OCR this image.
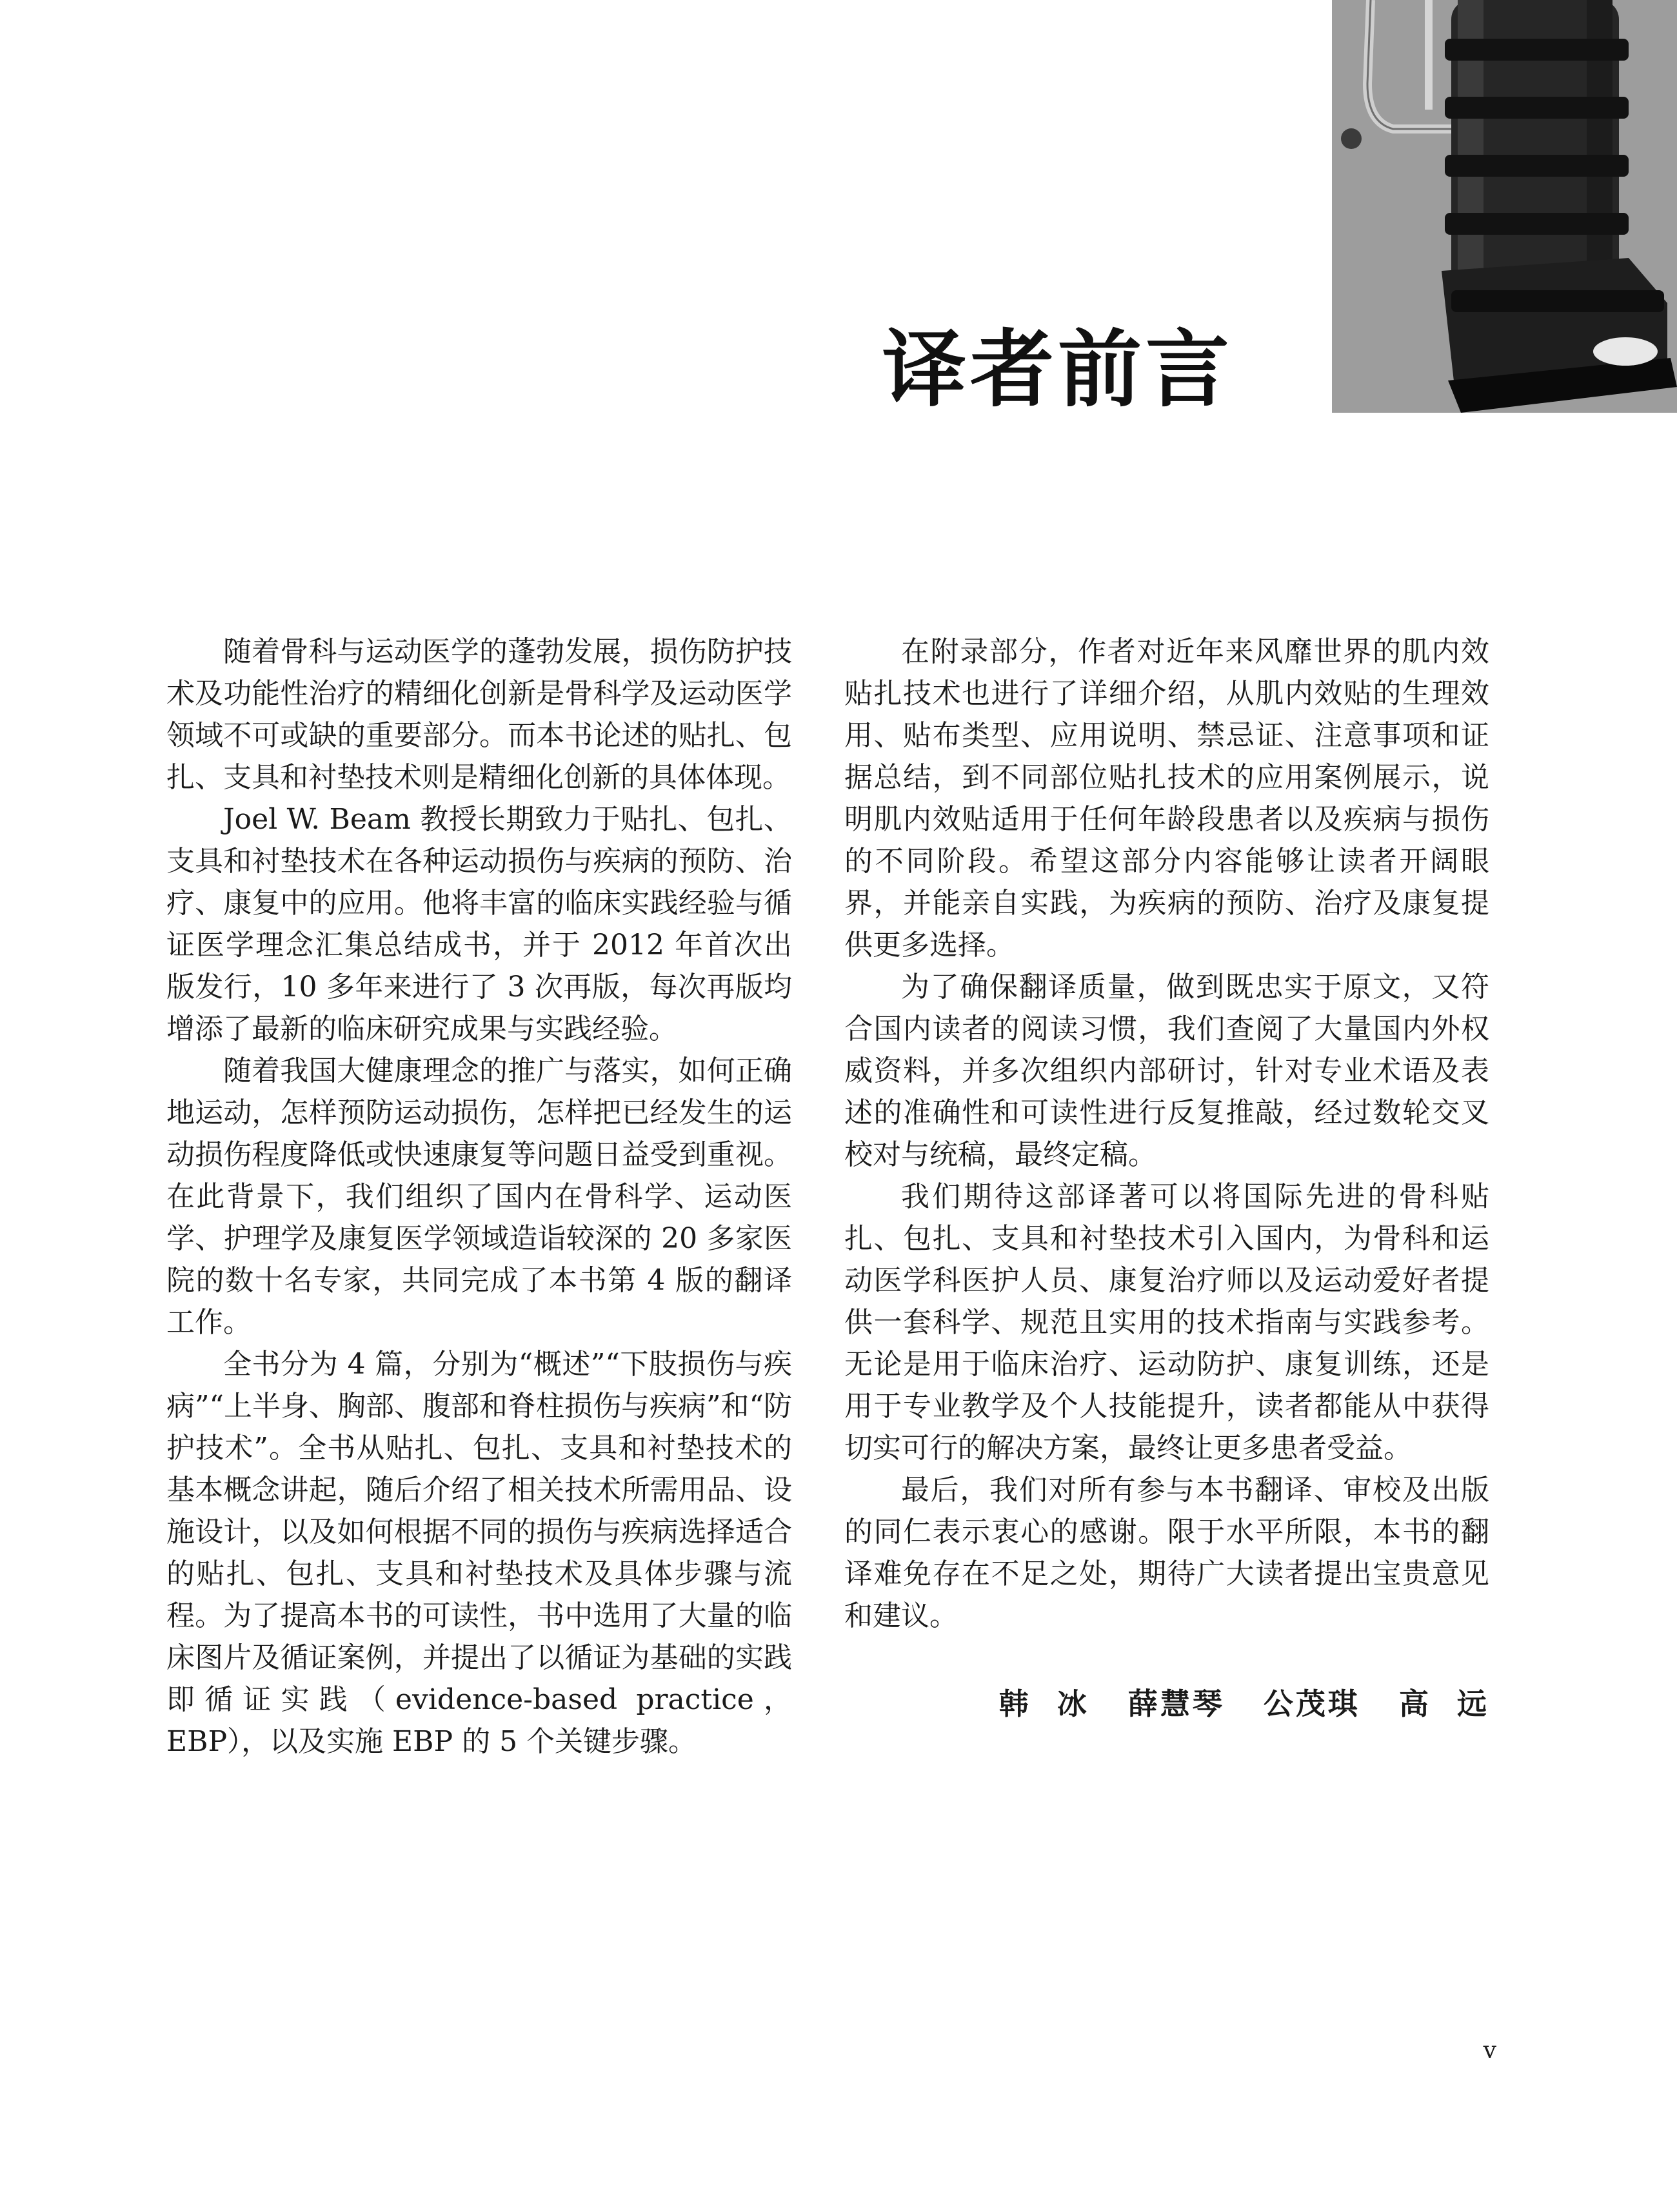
译者前言

随着骨科与运动医学的蓬勃发展，损伤防护技术及功能性治疗的精细化创新是骨科学及运动医学领域不可或缺的重要部分。而本书论述的贴扎、包扎、支具和衬垫技术则是精细化创新的具体体现。

Joel W. Beam 教授长期致力于贴扎、包扎、支具和衬垫技术在各种运动损伤与疾病的预防、治疗、康复中的应用。他将丰富的临床实践经验与循证医学理念汇集总结成书，并于 2012 年首次出版发行，10 多年来进行了 3 次再版，每次再版均增添了最新的临床研究成果与实践经验。

随着我国大健康理念的推广与落实，如何正确地运动，怎样预防运动损伤，怎样把已经发生的运动损伤程度降低或快速康复等问题日益受到重视。在此背景下，我们组织了国内在骨科学、运动医学、护理学及康复医学领域造诣较深的 20 多家医院的数十名专家，共同完成了本书第 4 版的翻译工作。

全书分为 4 篇，分别为“概述”“下肢损伤与疾病”“上半身、胸部、腹部和脊柱损伤与疾病”和“防护技术”。全书从贴扎、包扎、支具和衬垫技术的基本概念讲起，随后介绍了相关技术所需用品、设施设计，以及如何根据不同的损伤与疾病选择适合的贴扎、包扎、支具和衬垫技术及具体步骤与流程。为了提高本书的可读性，书中选用了大量的临床图片及循证案例，并提出了以循证为基础的实践即循证实践（evidence-based practice，EBP），以及实施 EBP 的 5 个关键步骤。

在附录部分，作者对近年来风靡世界的肌内效贴扎技术也进行了详细介绍，从肌内效贴的生理效用、贴布类型、应用说明、禁忌证、注意事项和证据总结，到不同部位贴扎技术的应用案例展示，说明肌内效贴适用于任何年龄段患者以及疾病与损伤的不同阶段。希望这部分内容能够让读者开阔眼界，并能亲自实践，为疾病的预防、治疗及康复提供更多选择。

为了确保翻译质量，做到既忠实于原文，又符合国内读者的阅读习惯，我们查阅了大量国内外权威资料，并多次组织内部研讨，针对专业术语及表述的准确性和可读性进行反复推敲，经过数轮交叉校对与统稿，最终定稿。

我们期待这部译著可以将国际先进的骨科贴扎、包扎、支具和衬垫技术引入国内，为骨科和运动医学科医护人员、康复治疗师以及运动爱好者提供一套科学、规范且实用的技术指南与实践参考。无论是用于临床治疗、运动防护、康复训练，还是用于专业教学及个人技能提升，读者都能从中获得切实可行的解决方案，最终让更多患者受益。

最后，我们对所有参与本书翻译、审校及出版的同仁表示衷心的感谢。限于水平所限，本书的翻译难免存在不足之处，期待广大读者提出宝贵意见和建议。

韩  冰   薛慧琴   公茂琪   高  远
v
